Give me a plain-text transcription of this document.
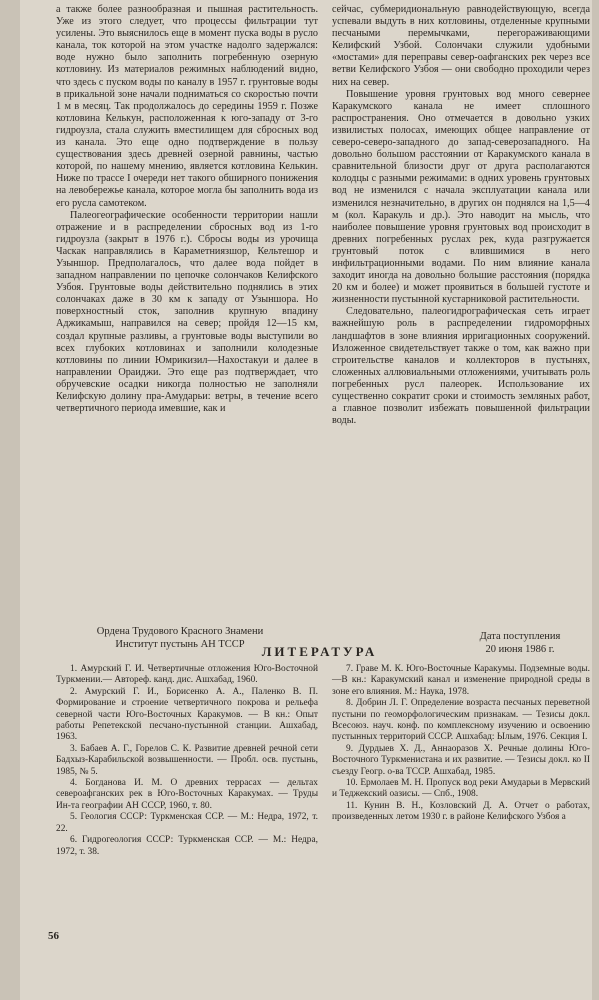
а также более разнообразная и пышная растительность. Уже из этого следует, что процессы фильтрации тут усилены. Это выяснилось еще в момент пуска воды в русло канала, ток которой на этом участке надолго задержался: воде нужно было заполнить погребенную озерную котловину. Из материалов режимных наблюдений видно, что здесь с пуском воды по каналу в 1957 г. грунтовые воды в прикальной зоне начали подниматься со скоростью почти 1 м в месяц. Так продолжалось до середины 1959 г. Позже котловина Келькун, расположенная к юго-западу от 3-го гидроузла, стала служить вместилищем для сбросных вод из канала. Это еще одно подтверждение в пользу существования здесь древней озерной равнины, частью которой, по нашему мнению, является котловина Келькин. Ниже по трассе I очереди нет такого обширного понижения на левобережье канала, которое могла бы заполнить вода из его русла самотеком.

Палеогеографические особенности территории нашли отражение и в распределении сбросных вод из 1-го гидроузла (закрыт в 1976 г.). Сбросы воды из урочища Часкак направлялись в Караметниязшор, Кельтешор и Узыншор. Предполагалось, что далее вода пойдет в западном направлении по цепочке солончаков Келифского Узбоя. Грунтовые воды действительно поднялись в этих солончаках даже в 30 км к западу от Узыншора. Но поверхностный сток, заполнив крупную впадину Аджикамыш, направился на север; пройдя 12—15 км, создал крупные разливы, а грунтовые воды выступили во всех глубоких котловинах и заполнили колодезные котловины по линии Юмрикизил—Нахостакуи и далее в направлении Ораиджи. Это еще раз подтверждает, что обручевские осадки никогда полностью не заполняли Келифскую долину пра-Амударьи: ветры, в течение всего четвертичного периода имевшие, как и

сейчас, субмеридиональную равнодействующую, всегда успевали выдуть в них котловины, отделенные крупными песчаными перемычками, перегораживающими Келифский Узбой. Солончаки служили удобными «мостами» для переправы север-оафганских рек через все ветви Келифского Узбоя — они свободно проходили через них на север.

Повышение уровня грунтовых вод много севернее Каракумского канала не имеет сплошного распространения. Оно отмечается в довольно узких извилистых полосах, имеющих общее направление от северо-северо-западного до запад-северозападного. На довольно большом расстоянии от Каракумского канала в сравнительной близости друг от друга располагаются колодцы с разными режимами: в одних уровень грунтовых вод не изменился с начала эксплуатации канала или изменился незначительно, в других он поднялся на 1,5—4 м (кол. Каракуль и др.). Это наводит на мысль, что наиболее повышение уровня грунтовых вод происходит в древних погребенных руслах рек, куда разгружается грунтовый поток с влившимися в него инфильтрационными водами. По ним влияние канала заходит иногда на довольно большие расстояния (порядка 20 км и более) и может проявиться в большей густоте и жизненности пустынной кустарниковой растительности.

Следовательно, палеогидрографическая сеть играет важнейшую роль в распределении гидроморфных ландшафтов в зоне влияния ирригационных сооружений. Изложенное свидетельствует также о том, как важно при строительстве каналов и коллекторов в пустынях, сложенных аллювиальными отложениями, учитывать роль погребенных русл палеорек. Использование их существенно сократит сроки и стоимость земляных работ, а главное позволит избежать повышенной фильтрации воды.

Ордена Трудового Красного Знамени
Институт пустынь АН ТССР
Дата поступления
20 июня 1986 г.
ЛИТЕРАТУРА

1. Амурский Г. И. Четвертичные отложения Юго-Восточной Туркмении.— Автореф. канд. дис. Ашхабад, 1960.

2. Амурский Г. И., Борисенко А. А., Паленко В. П. Формирование и строение четвертичного покрова и рельефа северной части Юго-Восточных Каракумов. — В кн.: Опыт работы Репетекской песчано-пустынной станции. Ашхабад, 1963.

3. Бабаев А. Г., Горелов С. К. Развитие древней речной сети Бадхыз-Карабильской возвышенности. — Пробл. осв. пустынь, 1985, № 5.

4. Богданова И. М. О древних террасах — дельтах североафганских рек в Юго-Восточных Каракумах. — Труды Ин-та географии АН СССР, 1960, т. 80.

5. Геология СССР: Туркменская ССР. — М.: Недра, 1972, т. 22.

6. Гидрогеология СССР: Туркменская ССР. — М.: Недра, 1972, т. 38.

7. Граве М. К. Юго-Восточные Каракумы. Подземные воды.—В кн.: Каракумский канал и изменение природной среды в зоне его влияния. М.: Наука, 1978.

8. Добрин Л. Г. Определение возраста песчаных переветной пустыни по геоморфологическим признакам. — Тезисы докл. Всесоюз. науч. конф. по комплексному изучению и освоению пустынных территорий СССР. Ашхабад: Ылым, 1976. Секция I.

9. Дурдыев Х. Д., Аннаоразов Х. Речные долины Юго-Восточного Туркменистана и их развитие. — Тезисы докл. ко II съезду Геогр. о-ва ТССР. Ашхабад, 1985.

10. Ермолаев М. Н. Пропуск вод реки Амударьи в Мервский и Теджекский оазисы. — Спб., 1908.

11. Кунин В. Н., Козловский Д. А. Отчет о работах, произведенных летом 1930 г. в районе Келифского Узбоя а

56
